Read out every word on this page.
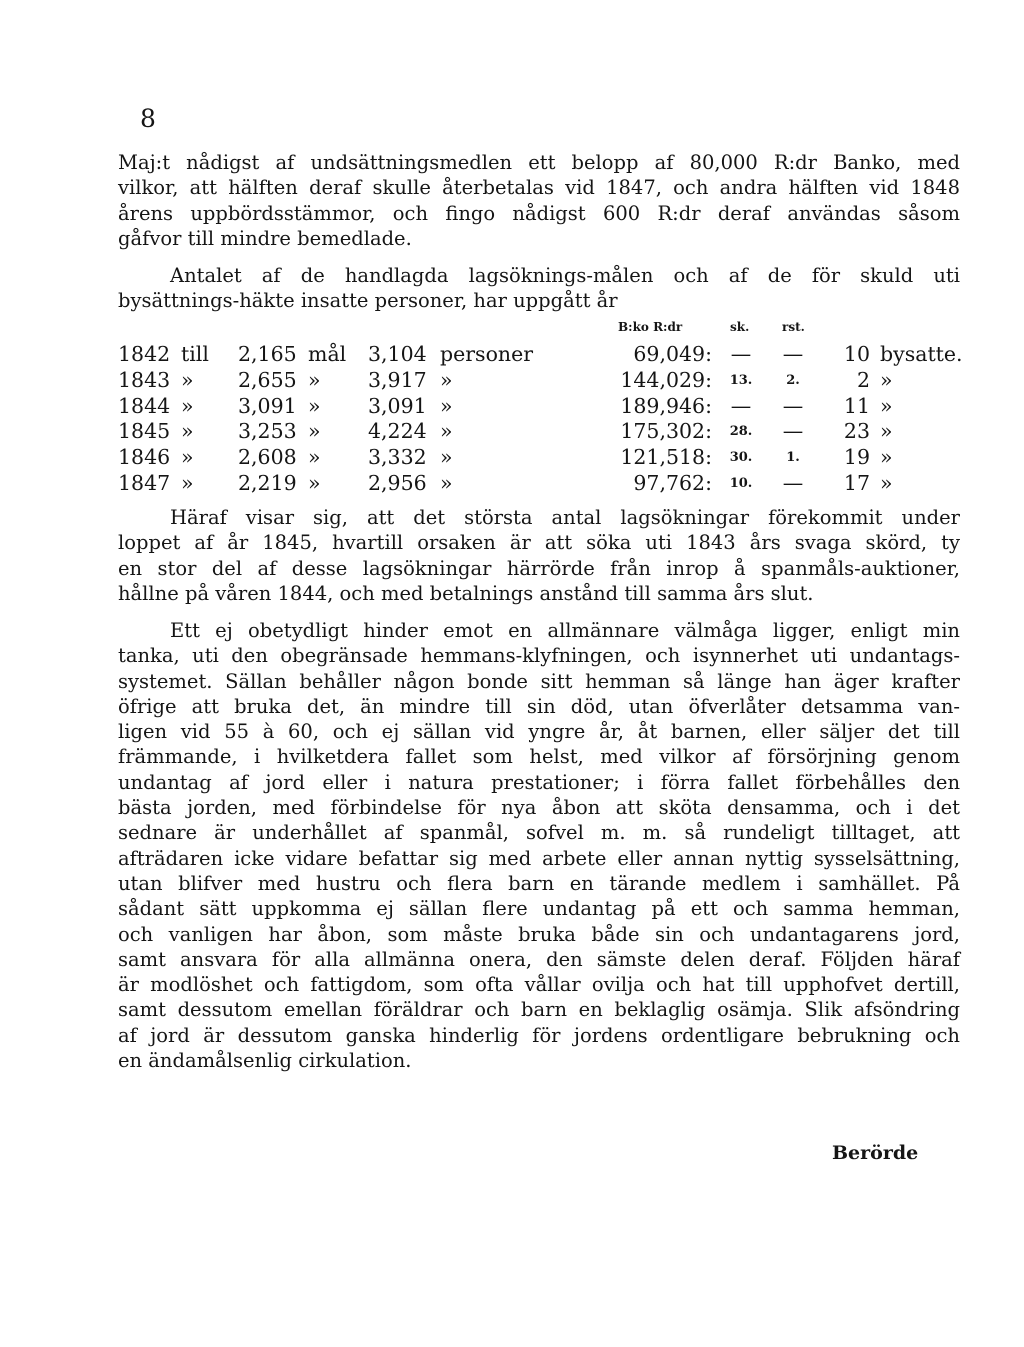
8
Maj:t nådigst af undsättningsmedlen ett belopp af 80,000 R:dr Banko, med
vilkor, att hälften deraf skulle återbetalas vid 1847, och andra hälften vid 1848
årens uppbördsstämmor, och fingo nådigst 600 R:dr deraf användas såsom
gåfvor till mindre bemedlade.
Antalet af de handlagda lagsöknings-målen och af de för skuld uti
bysättnings-häkte insatte personer, har uppgått år
B:ko R:dr	sk.	rst.
1842 till 2,165 mål 3,104 personer	69,049: — —	10 bysatte.
1843 » 2,655 » 3,917 »	144,029: 13.	2.	2 »
1844 » 3,091 » 3,091 »	189,946: — —	11 »
1845 » 3,253 » 4,224 »	175,302: 28. —	23 »
1846 » 2,608 » 3,332 »	121,518: 30.	1.	19 »
1847 » 2,219 » 2,956 »	97,762: 10. —	17 »
Häraf visar sig, att det största antal lagsökningar förekommit under
loppet af år 1845, hvartill orsaken är att söka uti 1843 års svaga skörd, ty
en stor del af desse lagsökningar härrörde från inrop å spanmåls-auktioner,
hållne på våren 1844, och med betalnings anstånd till samma års slut.
Ett ej obetydligt hinder emot en allmännare välmåga ligger, enligt min
tanka, uti den obegränsade hemmans-klyfningen, och isynnerhet uti undantags-
systemet. Sällan behåller någon bonde sitt hemman så länge han äger krafter
öfrige att bruka det, än mindre till sin död, utan öfverlåter detsamma van-
ligen vid 55 à 60, och ej sällan vid yngre år, åt barnen, eller säljer det till
främmande, i hvilketdera fallet som helst, med vilkor af försörjning genom
undantag af jord eller i natura prestationer; i förra fallet förbehålles den
bästa jorden, med förbindelse för nya åbon att sköta densamma, och i det
sednare är underhållet af spanmål, sofvel m. m. så rundeligt tilltaget, att
afträdaren icke vidare befattar sig med arbete eller annan nyttig sysselsättning,
utan blifver med hustru och flera barn en tärande medlem i samhället. På
sådant sätt uppkomma ej sällan flere undantag på ett och samma hemman,
och vanligen har åbon, som måste bruka både sin och undantagarens jord,
samt ansvara för alla allmänna onera, den sämste delen deraf. Följden häraf
är modlöshet och fattigdom, som ofta vållar ovilja och hat till upphofvet dertill,
samt dessutom emellan föräldrar och barn en beklaglig osämja. Slik afsöndring
af jord är dessutom ganska hinderlig för jordens ordentligare bebrukning och
en ändamålsenlig cirkulation.
Berörde
